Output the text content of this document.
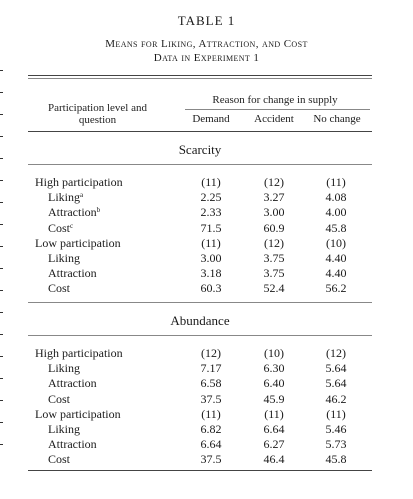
TABLE 1
Means for Liking, Attraction, and Cost
Data in Experiment 1
Participation level and
question
Reason for change in supply
Demand	Accident	No change
Scarcity
High participation	(11)	(12)	(11)
Liking$^a$	2.25	3.27	4.08
Attraction$^b$	2.33	3.00	4.00
Cost$^c$	71.5	60.9	45.8
Low participation	(11)	(12)	(10)
Liking	3.00	3.75	4.40
Attraction	3.18	3.75	4.40
Cost	60.3	52.4	56.2
Abundance
High participation	(12)	(10)	(12)
Liking	7.17	6.30	5.64
Attraction	6.58	6.40	5.64
Cost	37.5	45.9	46.2
Low participation	(11)	(11)	(11)
Liking	6.82	6.64	5.46
Attraction	6.64	6.27	5.73
Cost	37.5	46.4	45.8
